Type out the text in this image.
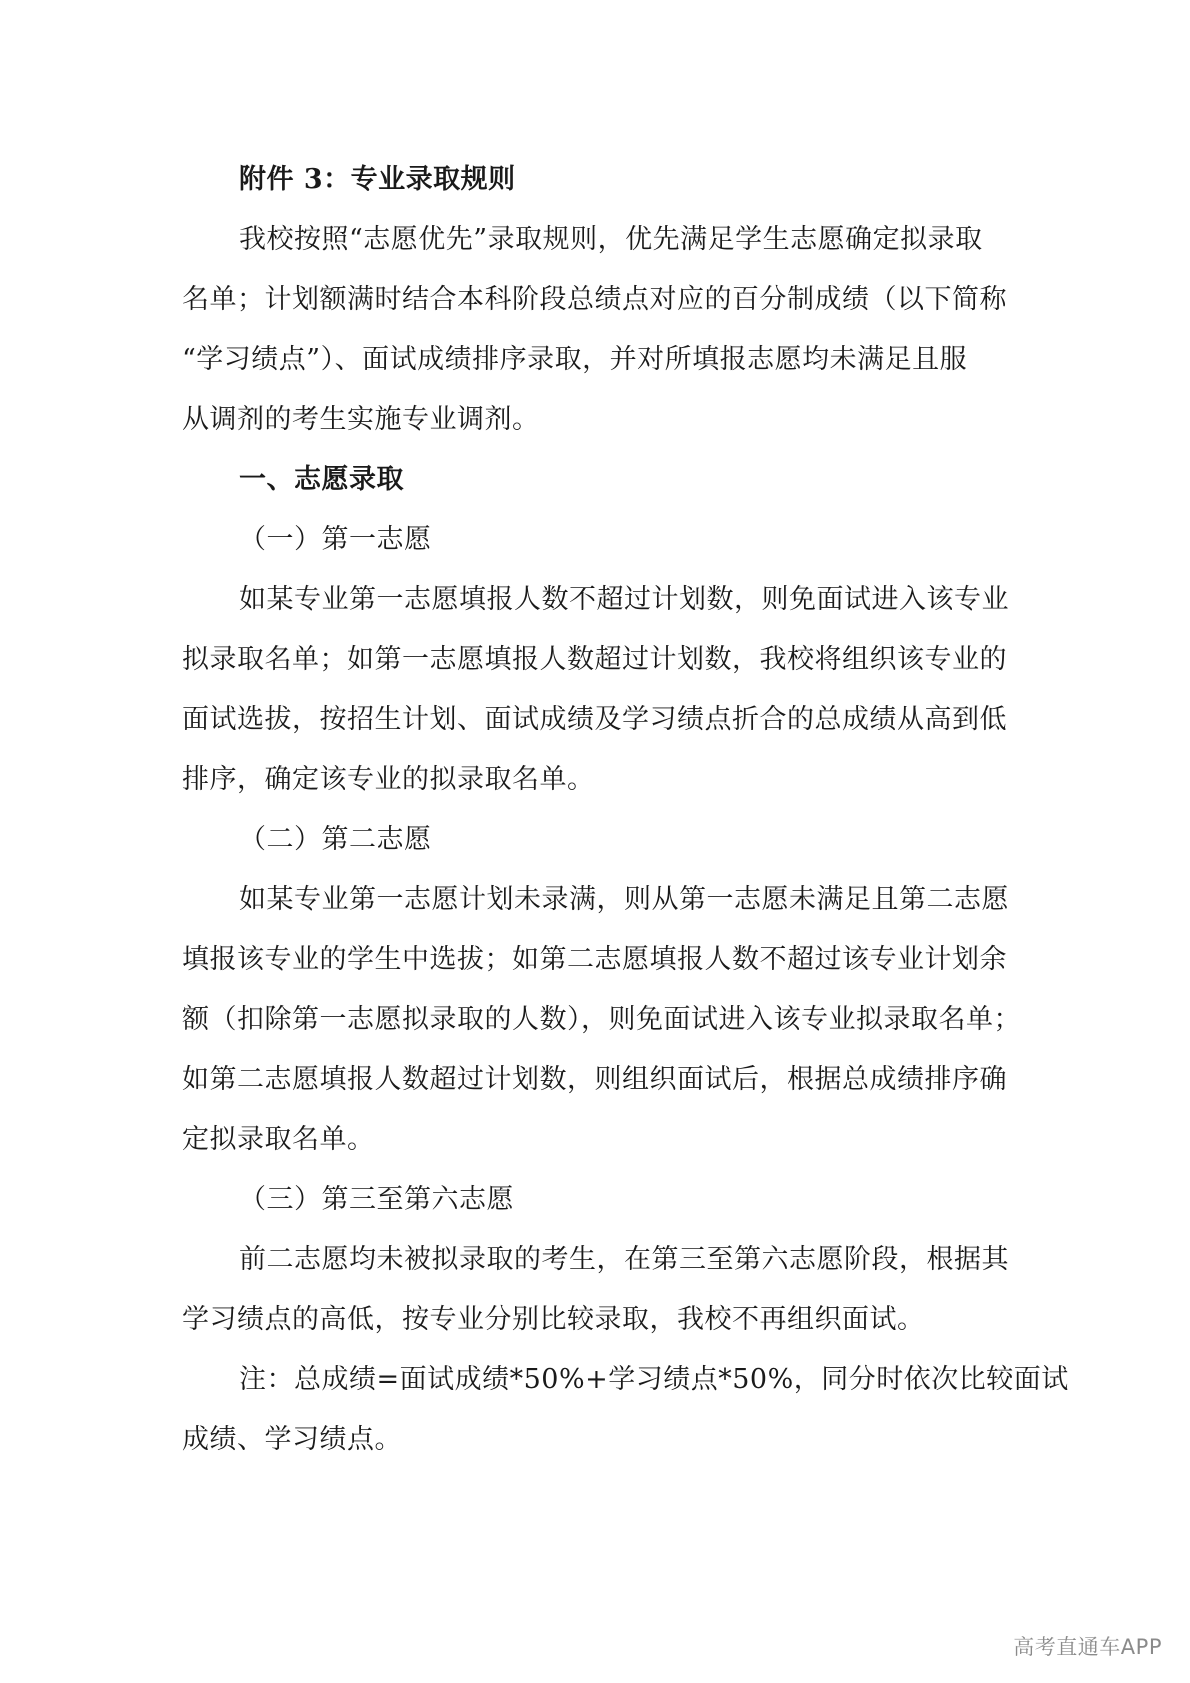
附件 3：专业录取规则

我校按照“志愿优先”录取规则，优先满足学生志愿确定拟录取

名单；计划额满时结合本科阶段总绩点对应的百分制成绩（以下简称

“学习绩点”）、面试成绩排序录取，并对所填报志愿均未满足且服

从调剂的考生实施专业调剂。

一、志愿录取

（一）第一志愿

如某专业第一志愿填报人数不超过计划数，则免面试进入该专业

拟录取名单；如第一志愿填报人数超过计划数，我校将组织该专业的

面试选拔，按招生计划、面试成绩及学习绩点折合的总成绩从高到低

排序，确定该专业的拟录取名单。

（二）第二志愿

如某专业第一志愿计划未录满，则从第一志愿未满足且第二志愿

填报该专业的学生中选拔；如第二志愿填报人数不超过该专业计划余

额（扣除第一志愿拟录取的人数），则免面试进入该专业拟录取名单；

如第二志愿填报人数超过计划数，则组织面试后，根据总成绩排序确

定拟录取名单。

（三）第三至第六志愿

前二志愿均未被拟录取的考生，在第三至第六志愿阶段，根据其

学习绩点的高低，按专业分别比较录取，我校不再组织面试。

注：总成绩=面试成绩*50%+学习绩点*50%，同分时依次比较面试

成绩、学习绩点。

高考直通车APP
